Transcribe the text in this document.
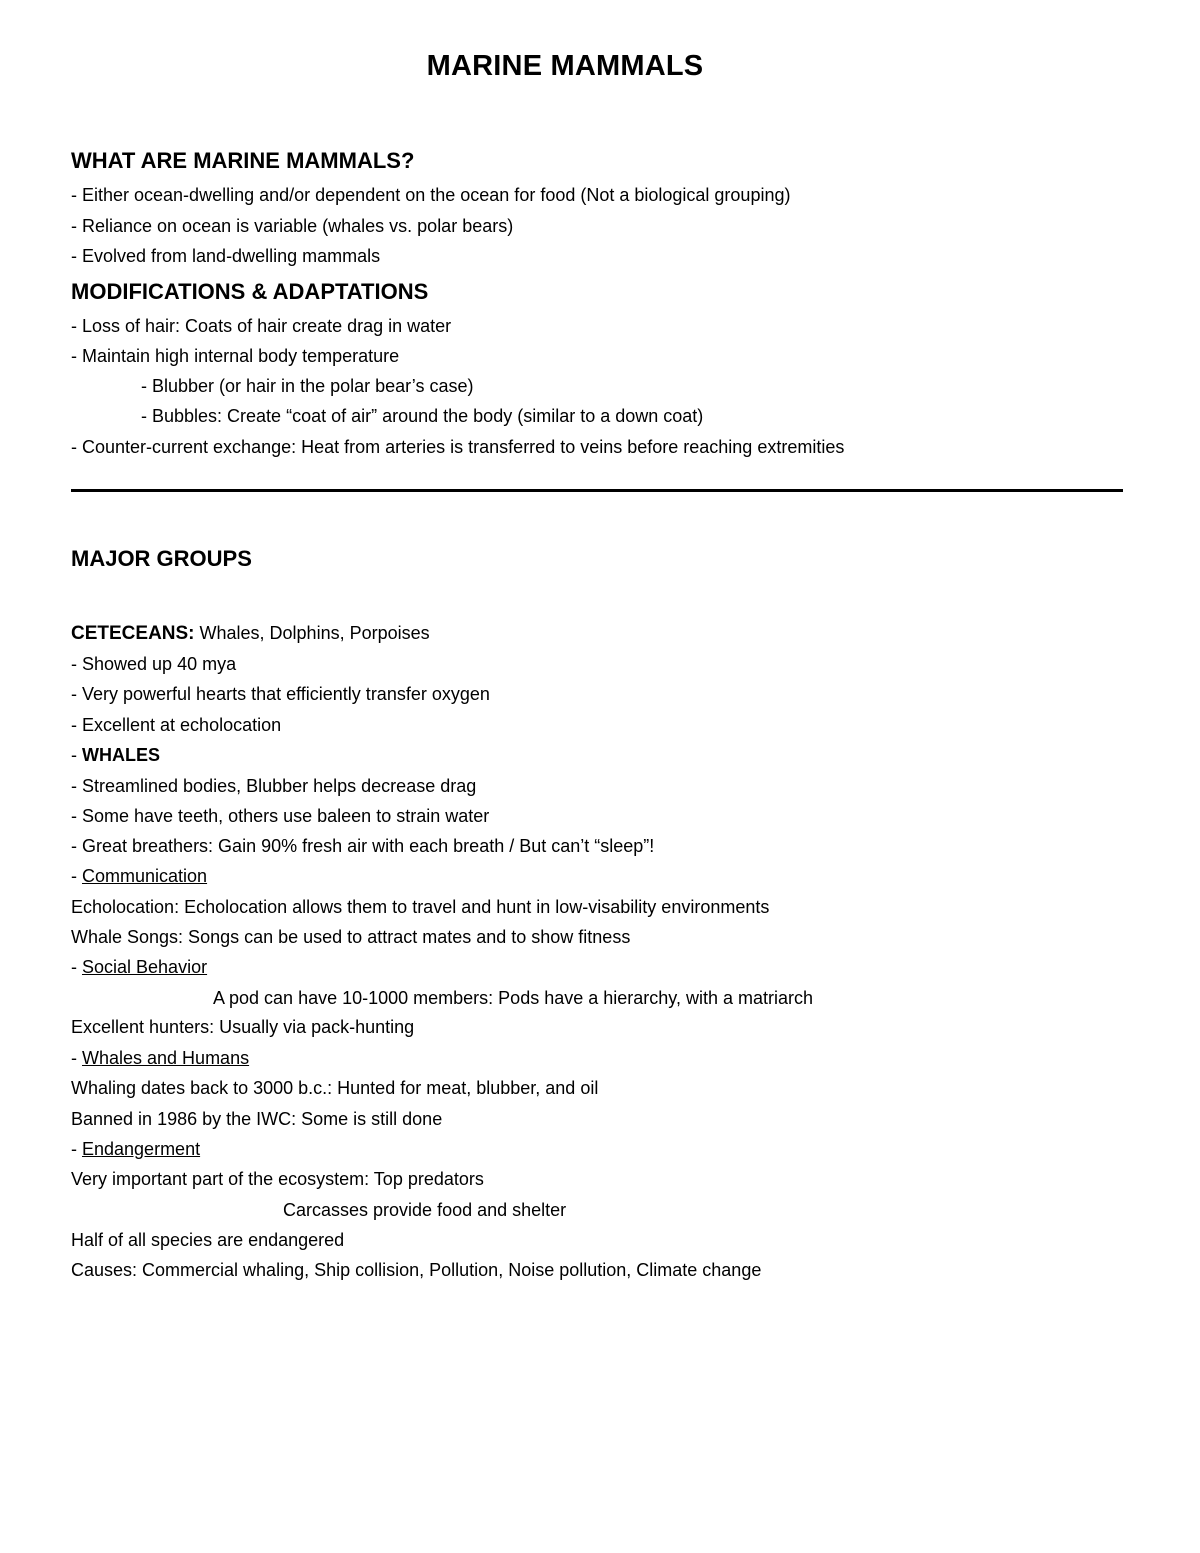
MARINE MAMMALS
WHAT ARE MARINE MAMMALS?
- Either ocean-dwelling and/or dependent on the ocean for food (Not a biological grouping)
- Reliance on ocean is variable (whales vs. polar bears)
- Evolved from land-dwelling mammals
MODIFICATIONS & ADAPTATIONS
- Loss of hair: Coats of hair create drag in water
- Maintain high internal body temperature
- Blubber (or hair in the polar bear’s case)
- Bubbles: Create “coat of air” around the body (similar to a down coat)
- Counter-current exchange: Heat from arteries is transferred to veins before reaching extremities
MAJOR GROUPS
CETECEANS: Whales, Dolphins, Porpoises
- Showed up 40 mya
- Very powerful hearts that efficiently transfer oxygen
- Excellent at echolocation
- WHALES
- Streamlined bodies, Blubber helps decrease drag
- Some have teeth, others use baleen to strain water
- Great breathers: Gain 90% fresh air with each breath / But can’t “sleep”!
- Communication
Echolocation: Echolocation allows them to travel and hunt in low-visability environments
Whale Songs: Songs can be used to attract mates and to show fitness
- Social Behavior
A pod can have 10-1000 members: Pods have a hierarchy, with a matriarch
Excellent hunters: Usually via pack-hunting
- Whales and Humans
Whaling dates back to 3000 b.c.: Hunted for meat, blubber, and oil
Banned in 1986 by the IWC: Some is still done
- Endangerment
Very important part of the ecosystem: Top predators
Carcasses provide food and shelter
Half of all species are endangered
Causes: Commercial whaling, Ship collision, Pollution, Noise pollution, Climate change
